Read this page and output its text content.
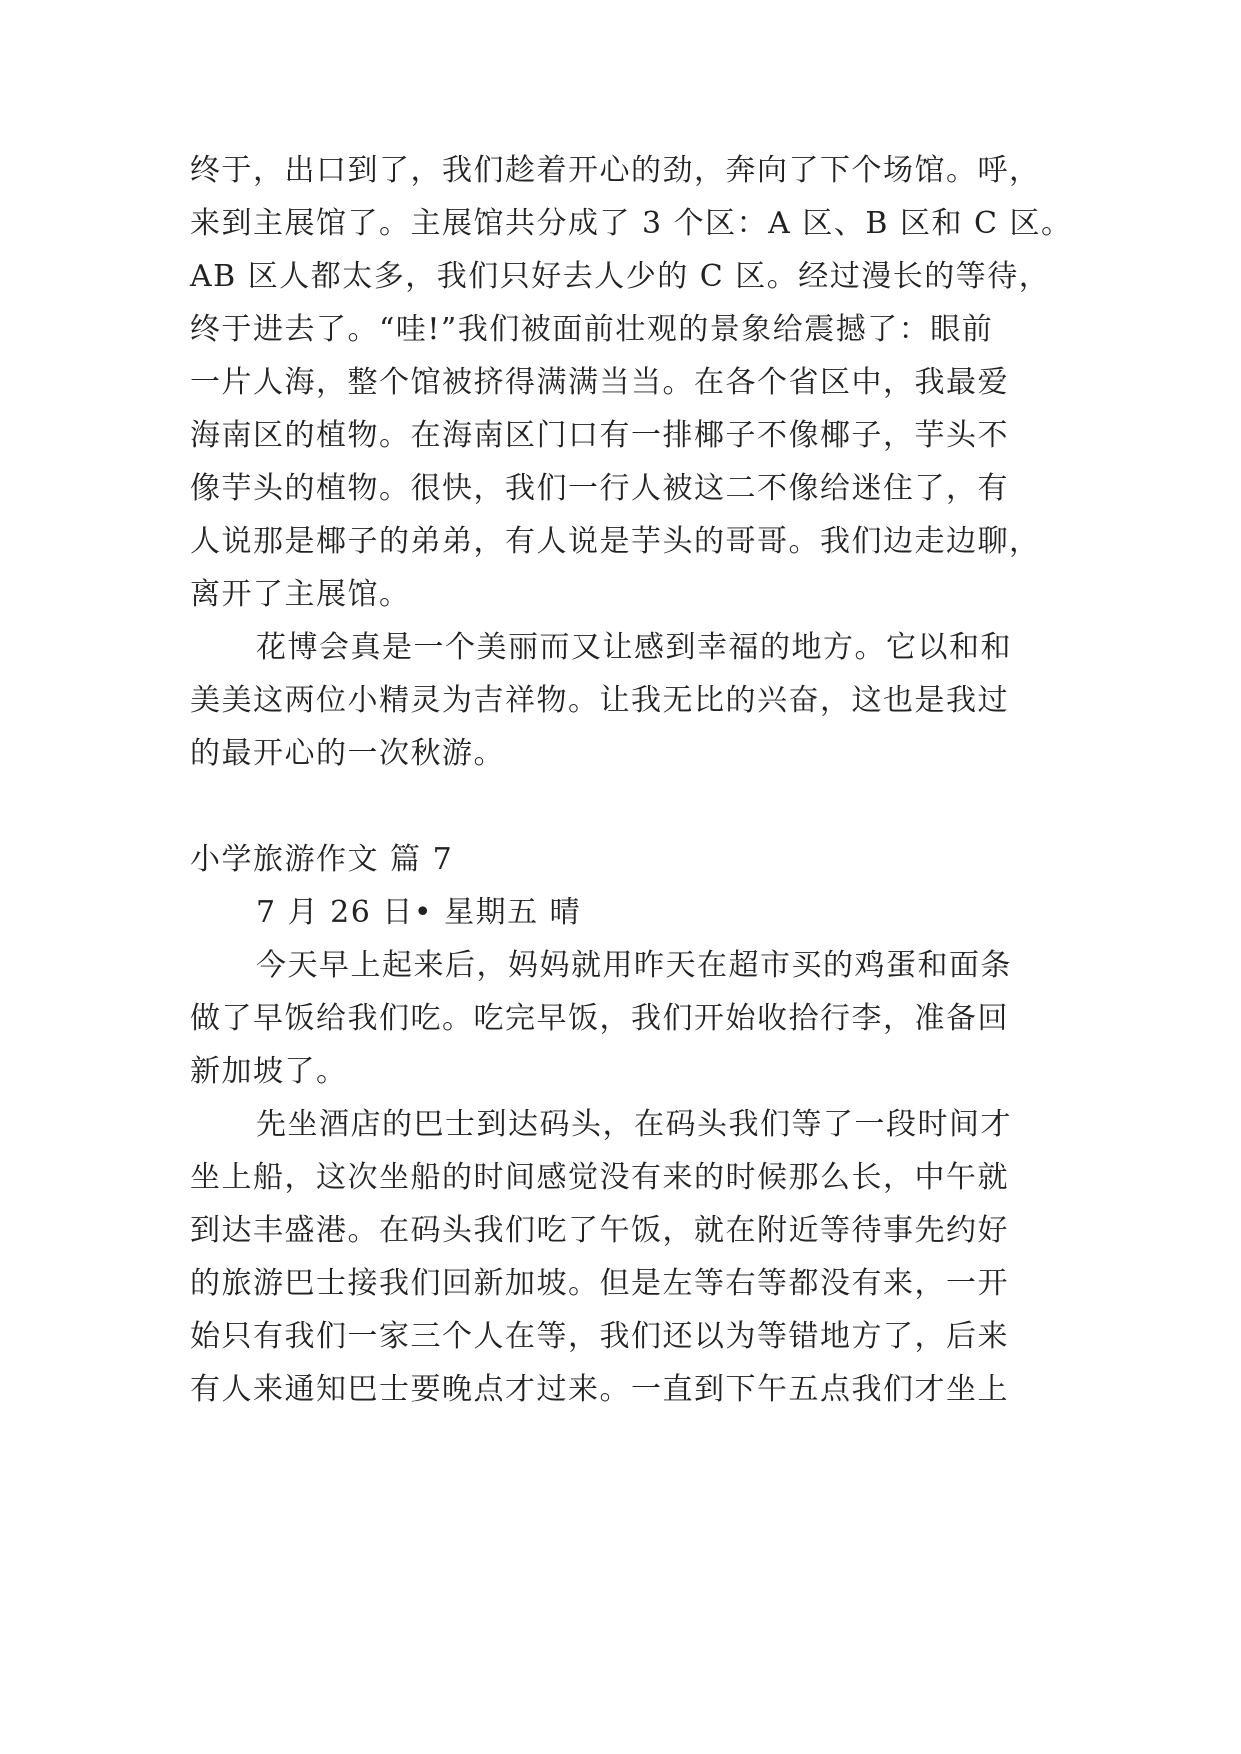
终于，出口到了，我们趁着开心的劲，奔向了下个场馆。呼，
来到主展馆了。主展馆共分成了 3 个区：A 区、B 区和 C 区。
AB 区人都太多，我们只好去人少的 C 区。经过漫长的等待，
终于进去了。“哇!”我们被面前壮观的景象给震撼了：眼前
一片人海，整个馆被挤得满满当当。在各个省区中，我最爱
海南区的植物。在海南区门口有一排椰子不像椰子，芋头不
像芋头的植物。很快，我们一行人被这二不像给迷住了，有
人说那是椰子的弟弟，有人说是芋头的哥哥。我们边走边聊，
离开了主展馆。
花博会真是一个美丽而又让感到幸福的地方。它以和和
美美这两位小精灵为吉祥物。让我无比的兴奋，这也是我过
的最开心的一次秋游。
小学旅游作文 篇 7
7 月 26 日• 星期五 晴
今天早上起来后，妈妈就用昨天在超市买的鸡蛋和面条
做了早饭给我们吃。吃完早饭，我们开始收拾行李，准备回
新加坡了。
先坐酒店的巴士到达码头，在码头我们等了一段时间才
坐上船，这次坐船的时间感觉没有来的时候那么长，中午就
到达丰盛港。在码头我们吃了午饭，就在附近等待事先约好
的旅游巴士接我们回新加坡。但是左等右等都没有来，一开
始只有我们一家三个人在等，我们还以为等错地方了，后来
有人来通知巴士要晚点才过来。一直到下午五点我们才坐上
